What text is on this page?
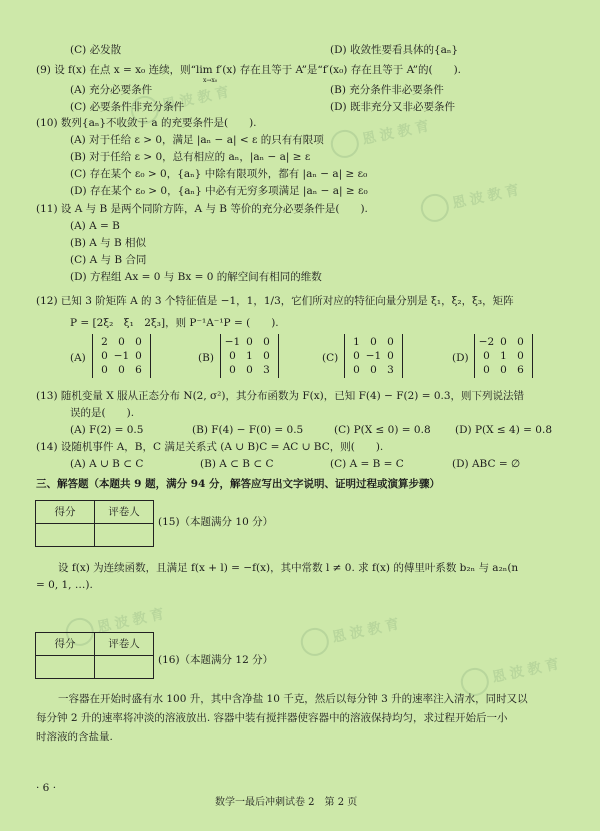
恩波教育
恩波教育
恩波教育
恩波教育	恩波教育
恩波教育
(C) 必发散	(D) 收敛性要看具体的{aₙ}
(9) 设 f(x) 在点 x = x₀ 连续，则“lim f′(x) 存在且等于 A”是“f′(x₀) 存在且等于 A”的(　　).
x→x₀
(A) 充分必要条件	(B) 充分条件非必要条件
(C) 必要条件非充分条件	(D) 既非充分又非必要条件
(10) 数列{aₙ}不收敛于 a 的充要条件是(　　).
(A) 对于任给 ε > 0，满足 |aₙ − a| < ε 的只有有限项
(B) 对于任给 ε > 0，总有相应的 aₙ，|aₙ − a| ≥ ε
(C) 存在某个 ε₀ > 0，{aₙ} 中除有限项外，都有 |aₙ − a| ≥ ε₀
(D) 存在某个 ε₀ > 0，{aₙ} 中必有无穷多项满足 |aₙ − a| ≥ ε₀
(11) 设 A 与 B 是两个同阶方阵，A 与 B 等价的充分必要条件是(　　).
(A) A = B
(B) A 与 B 相似
(C) A 与 B 合同
(D) 方程组 Ax = 0 与 Bx = 0 的解空间有相同的维数
(12) 已知 3 阶矩阵 A 的 3 个特征值是 −1，1，1/3，它们所对应的特征向量分别是 ξ₁，ξ₂，ξ₃，矩阵
P = [2ξ₂　ξ₁　2ξ₃]，则 P⁻¹A⁻¹P = (　　).
(A)
2	0	0
0	−1	0
0	0	6
(B)
−1	0	0
0	1	0
0	0	3
(C)
1	0	0
0	−1	0
0	0	3
(D)
−2	0	0
0	1	0
0	0	6
(13) 随机变量 X 服从正态分布 N(2, σ²)，其分布函数为 F(x)，已知 F(4) − F(2) = 0.3，则下列说法错
误的是(　　).
(A) F(2) = 0.5	(B) F(4) − F(0) = 0.5	(C) P(X ≤ 0) = 0.8 (D) P(X ≤ 4) = 0.8
(14) 设随机事件 A，B，C 满足关系式 (A ∪ B)C = AC ∪ BC，则(　　).
(A) A ∪ B ⊂ C	(B) A ⊂ B ⊂ C	(C) A = B = C	(D) ABC = ∅
三、解答题（本题共 9 题，满分 94 分，解答应写出文字说明、证明过程或演算步骤）
得分	评卷人

(15)（本题满分 10 分）
设 f(x) 为连续函数，且满足 f(x + l) = −f(x)，其中常数 l ≠ 0. 求 f(x) 的傅里叶系数 b₂ₙ 与 a₂ₙ(n
= 0, 1, …).
得分	评卷人

(16)（本题满分 12 分）
一容器在开始时盛有水 100 升，其中含净盐 10 千克，然后以每分钟 3 升的速率注入清水，同时又以
每分钟 2 升的速率将冲淡的溶液放出. 容器中装有搅拌器使容器中的溶液保持均匀，求过程开始后一小
时溶液的含盐量.
· 6 ·
数学一最后冲刺试卷 2　第 2 页
